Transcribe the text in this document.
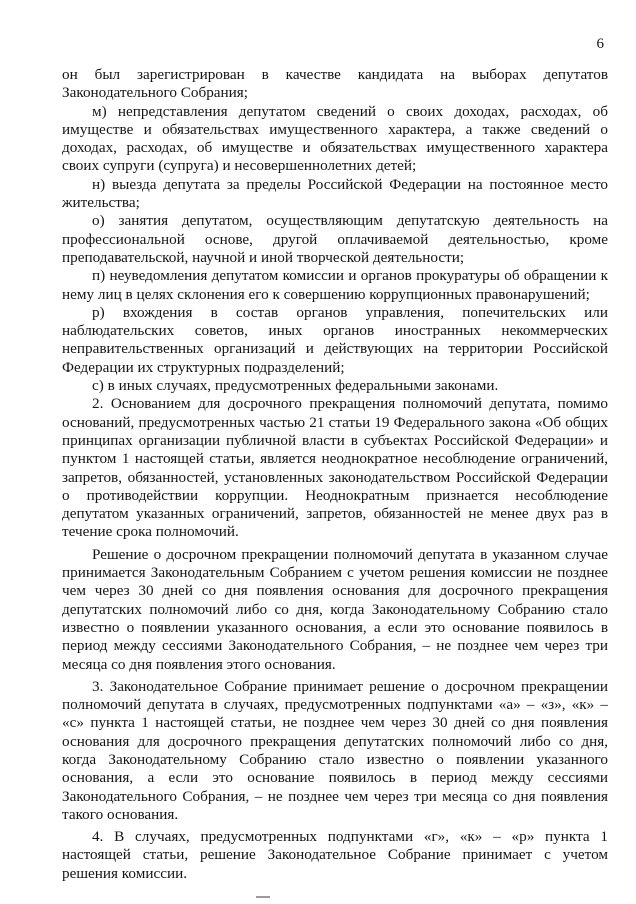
6

он был зарегистрирован в качестве кандидата на выборах депутатов Законодательного Собрания;

м) непредставления депутатом сведений о своих доходах, расходах, об имуществе и обязательствах имущественного характера, а также сведений о доходах, расходах, об имуществе и обязательствах имущественного характера своих супруги (супруга) и несовершеннолетних детей;

н) выезда депутата за пределы Российской Федерации на постоянное место жительства;

о) занятия депутатом, осуществляющим депутатскую деятельность на профессиональной основе, другой оплачиваемой деятельностью, кроме преподавательской, научной и иной творческой деятельности;

п) неуведомления депутатом комиссии и органов прокуратуры об обращении к нему лиц в целях склонения его к совершению коррупционных правонарушений;

р) вхождения в состав органов управления, попечительских или наблюдательских советов, иных органов иностранных некоммерческих неправительственных организаций и действующих на территории Российской Федерации их структурных подразделений;

с) в иных случаях, предусмотренных федеральными законами.

2. Основанием для досрочного прекращения полномочий депутата, помимо оснований, предусмотренных частью 21 статьи 19 Федерального закона «Об общих принципах организации публичной власти в субъектах Российской Федерации» и пунктом 1 настоящей статьи, является неоднократное несоблюдение ограничений, запретов, обязанностей, установленных законодательством Российской Федерации о противодействии коррупции. Неоднократным признается несоблюдение депутатом указанных ограничений, запретов, обязанностей не менее двух раз в течение срока полномочий.

Решение о досрочном прекращении полномочий депутата в указанном случае принимается Законодательным Собранием с учетом решения комиссии не позднее чем через 30 дней со дня появления основания для досрочного прекращения депутатских полномочий либо со дня, когда Законодательному Собранию стало известно о появлении указанного основания, а если это основание появилось в период между сессиями Законодательного Собрания, – не позднее чем через три месяца со дня появления этого основания.

3. Законодательное Собрание принимает решение о досрочном прекращении полномочий депутата в случаях, предусмотренных подпунктами «а» – «з», «к» – «с» пункта 1 настоящей статьи, не позднее чем через 30 дней со дня появления основания для досрочного прекращения депутатских полномочий либо со дня, когда Законодательному Собранию стало известно о появлении указанного основания, а если это основание появилось в период между сессиями Законодательного Собрания, – не позднее чем через три месяца со дня появления такого основания.

4. В случаях, предусмотренных подпунктами «г», «к» – «р» пункта 1 настоящей статьи, решение Законодательное Собрание принимает с учетом решения комиссии.
